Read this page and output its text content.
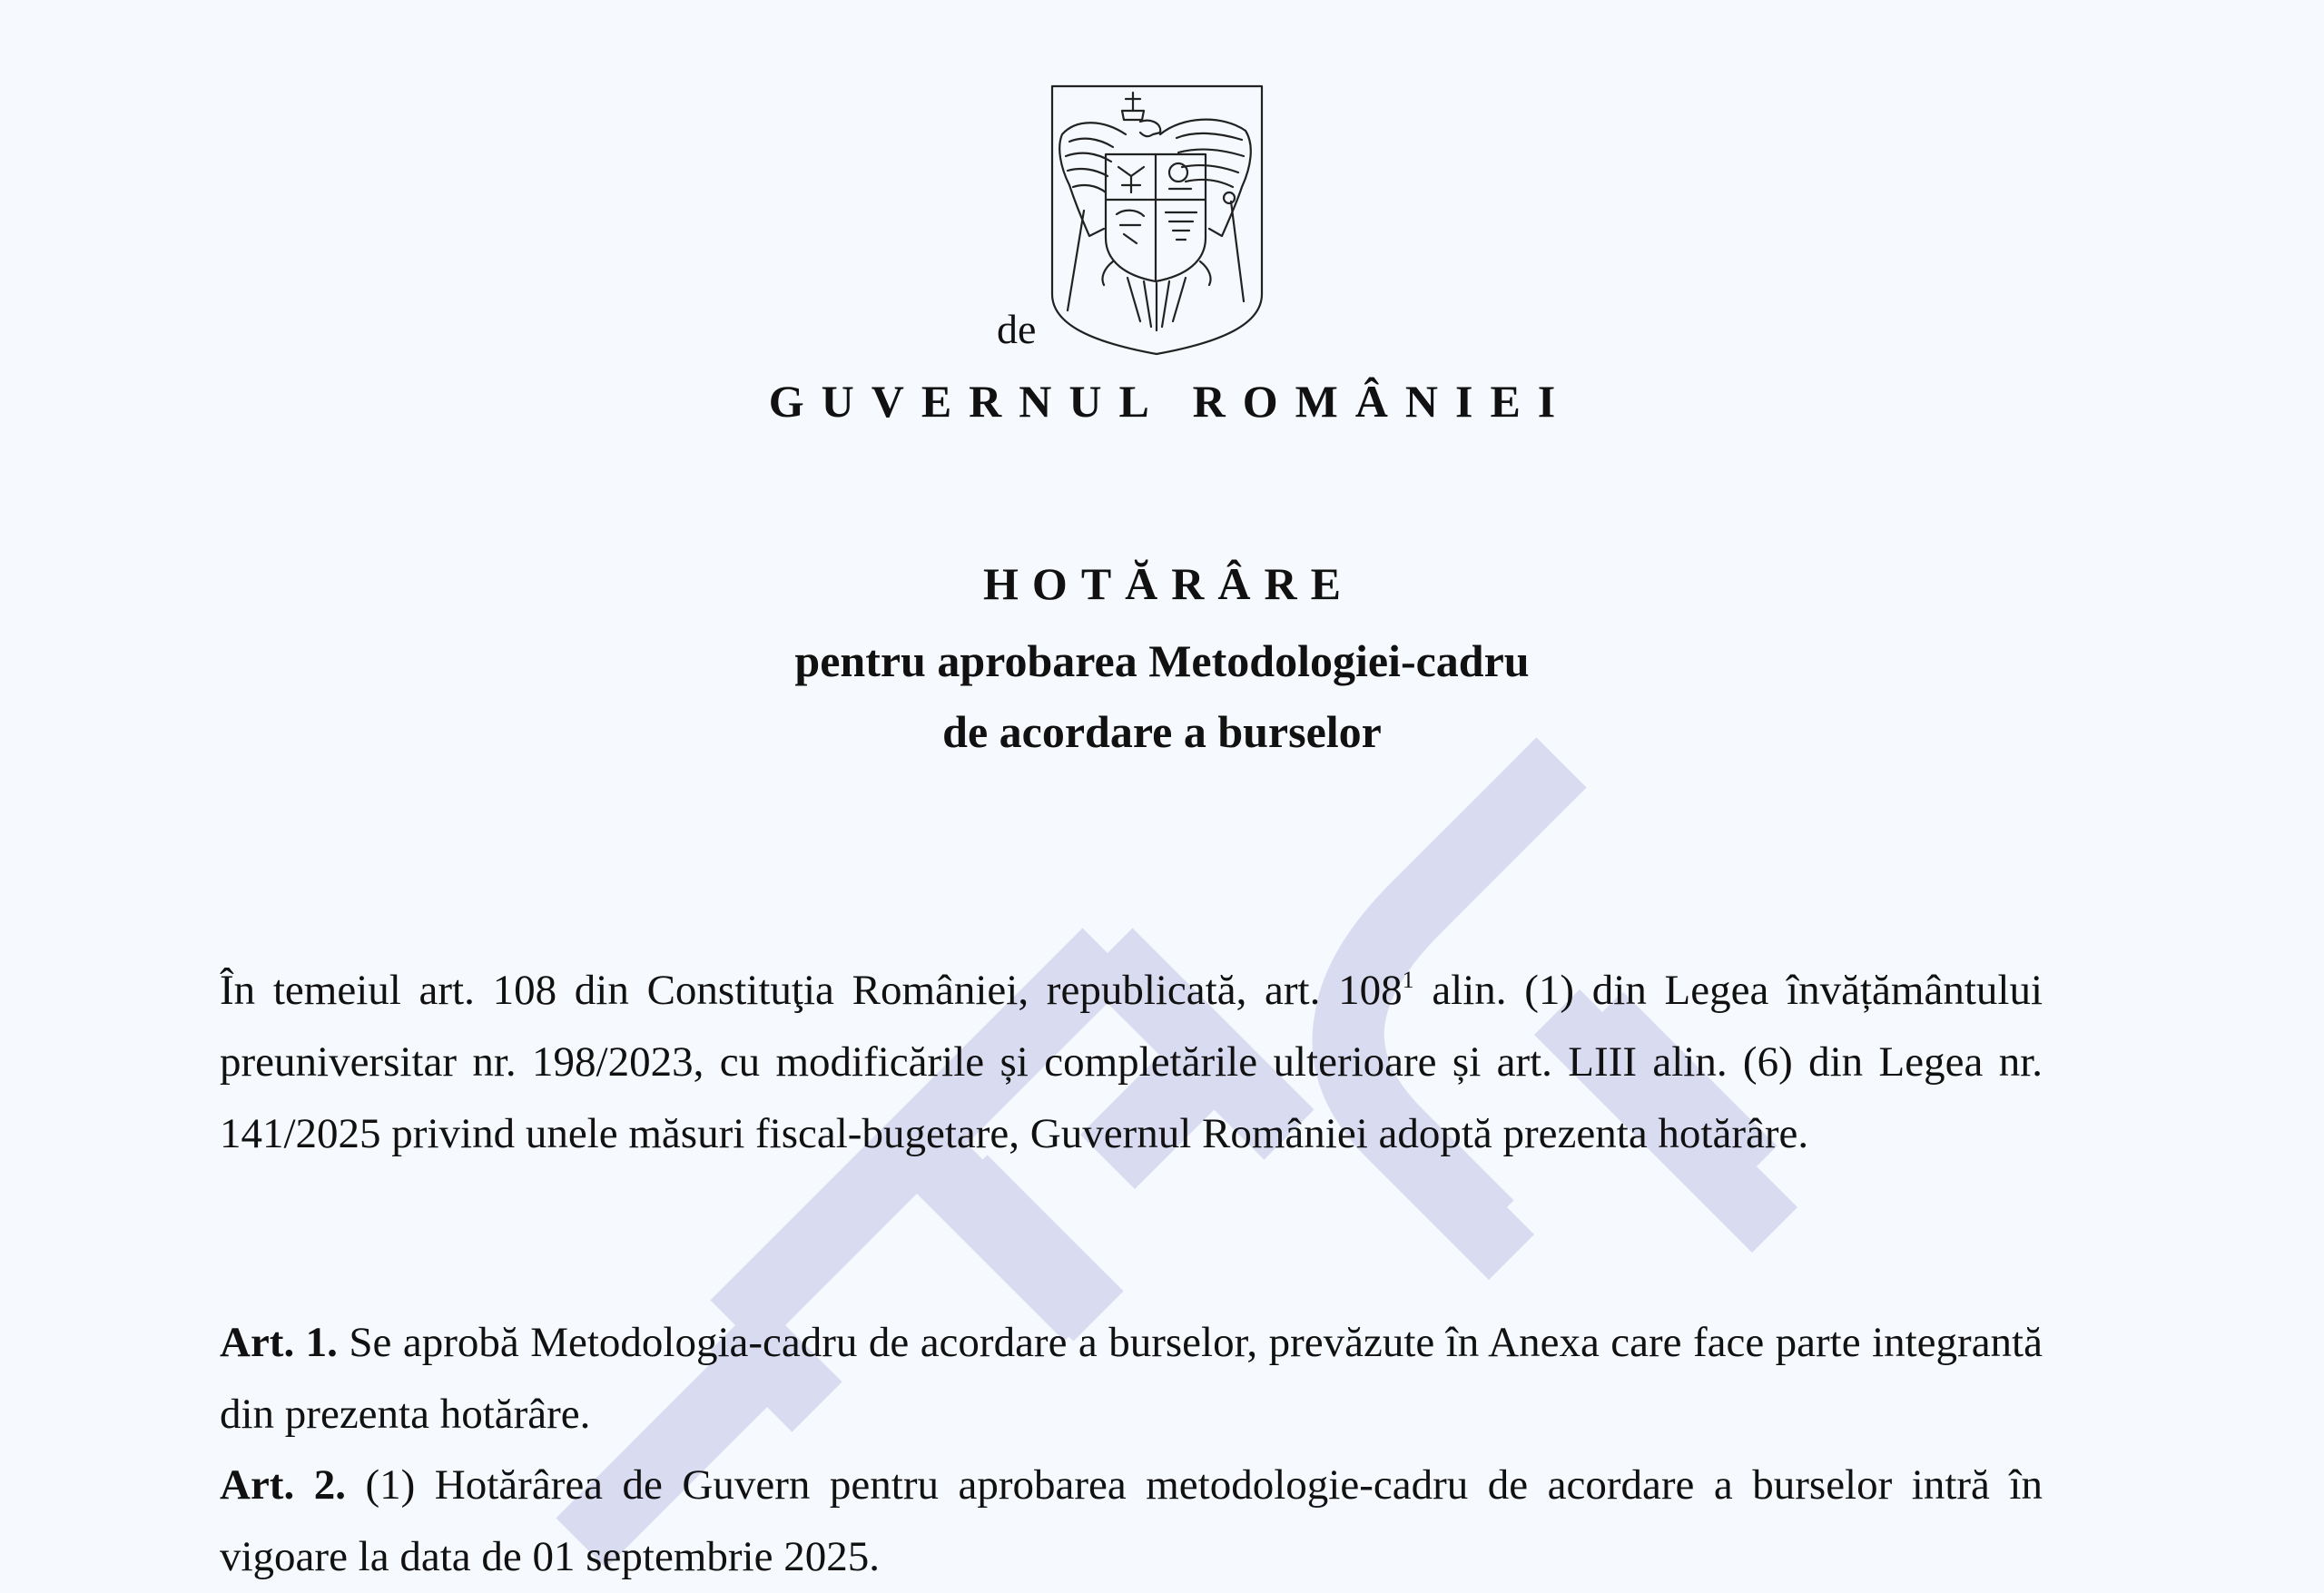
de
GUVERNUL ROMÂNIEI
HOTĂRÂRE
pentru aprobarea Metodologiei-cadru
de acordare a burselor
În temeiul art. 108 din Constituţia României, republicată, art. $108^1$ alin. (1) din Legea învățământului preuniversitar nr. 198/2023, cu modificările și completările ulterioare și art. LIII alin. (6) din Legea nr. 141/2025 privind unele măsuri fiscal-bugetare, Guvernul României adoptă prezenta hotărâre.
Art. 1. Se aprobă Metodologia-cadru de acordare a burselor, prevăzute în Anexa care face parte integrantă din prezenta hotărâre.
Art. 2. (1) Hotărârea de Guvern pentru aprobarea metodologie-cadru de acordare a burselor intră în vigoare la data de 01 septembrie 2025.
